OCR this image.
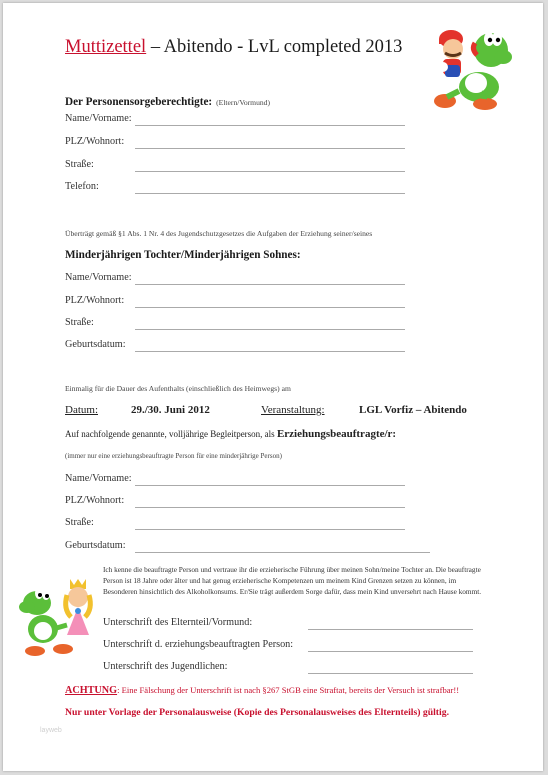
Muttizettel – Abitendo - LvL completed 2013
Der Personensorgeberechtigte: (Eltern/Vormund)
Name/Vorname:
PLZ/Wohnort:
Straße:
Telefon:
Überträgt gemäß §1 Abs. 1 Nr. 4 des Jugendschutzgesetzes die Aufgaben der Erziehung seiner/seines
Minderjährigen Tochter/Minderjährigen Sohnes:
Name/Vorname:
PLZ/Wohnort:
Straße:
Geburtsdatum:
Einmalig für die Dauer des Aufenthalts (einschließlich des Heimwegs) am
Datum:	29./30. Juni 2012	Veranstaltung:	LGL Vorfiz – Abitendo
Auf nachfolgende genannte, volljährige Begleitperson, als Erziehungsbeauftragte/r:
(immer nur eine erziehungsbeauftragte Person für eine minderjährige Person)
Name/Vorname:
PLZ/Wohnort:
Straße:
Geburtsdatum:
Ich kenne die beauftragte Person und vertraue ihr die erzieherische Führung über meinen Sohn/meine Tochter an. Die beauftragte Person ist 18 Jahre oder älter und hat genug erzieherische Kompetenzen um meinem Kind Grenzen setzen zu können, im Besonderen hinsichtlich des Alkoholkonsums. Er/Sie trägt außerdem Sorge dafür, dass mein Kind unversehrt nach Hause kommt.
Unterschrift des Elternteil/Vormund:
Unterschrift d. erziehungsbeauftragten Person:
Unterschrift des Jugendlichen:
ACHTUNG: Eine Fälschung der Unterschrift ist nach §267 StGB eine Straftat, bereits der Versuch ist strafbar!!
Nur unter Vorlage der Personalausweise (Kopie des Personalausweises des Elternteils) gültig.
layweb
